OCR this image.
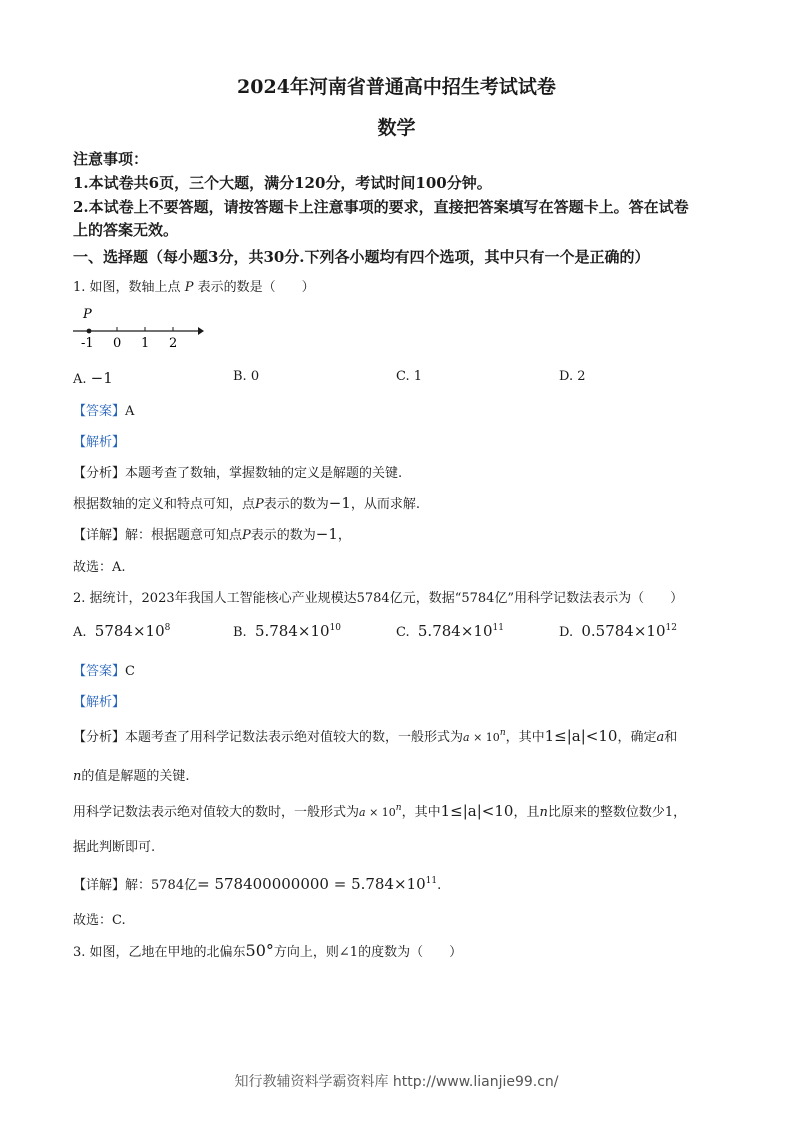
2024年河南省普通高中招生考试试卷
数学
注意事项：
1.本试卷共6页，三个大题，满分120分，考试时间100分钟。
2.本试卷上不要答题，请按答题卡上注意事项的要求，直接把答案填写在答题卡上。答在试卷
上的答案无效。
一、选择题（每小题3分，共30分.下列各小题均有四个选项，其中只有一个是正确的）
1. 如图，数轴上点 P 表示的数是（　　）
P
-1 0 1 2
A. −1	B. 0	C. 1	D. 2
【答案】A
【解析】
【分析】本题考查了数轴，掌握数轴的定义是解题的关键.
根据数轴的定义和特点可知，点P表示的数为−1，从而求解.
【详解】解：根据题意可知点P表示的数为−1，
故选：A.
2. 据统计，2023年我国人工智能核心产业规模达5784亿元，数据“5784亿”用科学记数法表示为（　　）
A. $5784\times 10^8$	B. $5.784\times 10^{10}$	C. $5.784\times 10^{11}$	D. $0.5784\times 10^{12}$
【答案】C
【解析】
【分析】本题考查了用科学记数法表示绝对值较大的数，一般形式为$a \times 10^n$，其中1≤|a|<10，确定a和
n的值是解题的关键.
用科学记数法表示绝对值较大的数时，一般形式为$a \times 10^n$，其中1≤|a|<10，且n比原来的整数位数少1，
据此判断即可.
【详解】解：5784亿= $578400000000 = 5.784\times 10^{11}$.
故选：C.
3. 如图，乙地在甲地的北偏东50°方向上，则∠1的度数为（　　）
知行教辅资料学霸资料库 http://www.lianjie99.cn/
